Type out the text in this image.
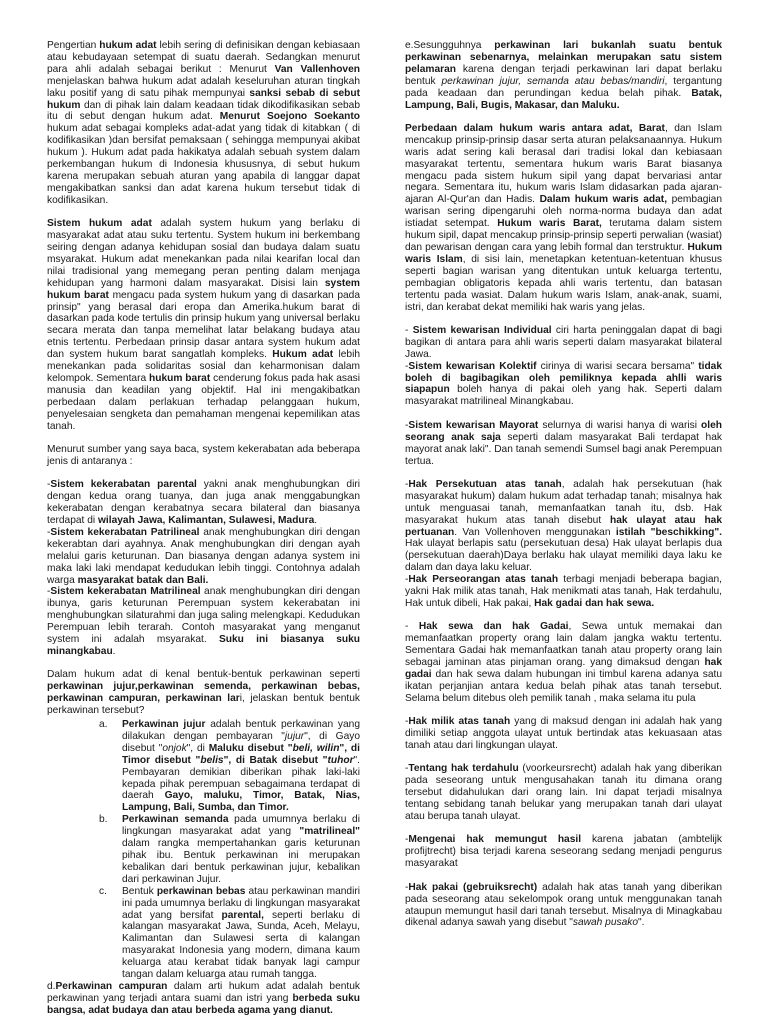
Pengertian hukum adat lebih sering di definisikan dengan kebiasaan atau kebudayaan setempat di suatu daerah. Sedangkan menurut para ahli adalah sebagai berikut : Menurut Van Vallenhoven menjelaskan bahwa hukum adat adalah keseluruhan aturan tingkah laku positif yang di satu pihak mempunyai sanksi sebab di sebut hukum dan di pihak lain dalam keadaan tidak dikodifikasikan sebab itu di sebut dengan hukum adat. Menurut Soejono Soekanto hukum adat sebagai kompleks adat-adat yang tidak di kitabkan ( di kodifikasikan )dan bersifat pemaksaan ( sehingga mempunyai akibat hukum ). Hukum adat pada hakikatya adalah sebuah system dalam perkembangan hukum di Indonesia khususnya, di sebut hukum karena merupakan sebuah aturan yang apabila di langgar dapat mengakibatkan sanksi dan adat karena hukum tersebut tidak di kodifikasikan.

Sistem hukum adat adalah system hukum yang berlaku di masyarakat adat atau suku tertentu. System hukum ini berkembang seiring dengan adanya kehidupan sosial dan budaya dalam suatu msyarakat. Hukum adat menekankan pada nilai kearifan local dan nilai tradisional yang memegang peran penting dalam menjaga kehidupan yang harmoni dalam masyarakat. Disisi lain system hukum barat mengacu pada system hukum yang di dasarkan pada prinsip" yang berasal dari eropa dan Amerika.hukum barat di dasarkan pada kode tertulis din prinsip hukum yang universal berlaku secara merata dan tanpa memelihat latar belakang budaya atau etnis tertentu. Perbedaan prinsip dasar antara system hukum adat dan system hukum barat sangatlah kompleks. Hukum adat lebih menekankan pada solidaritas sosial dan keharmonisan dalam kelompok. Sementara hukum barat cenderung fokus pada hak asasi manusia dan keadilan yang objektif. Hal ini mengakibatkan perbedaan dalam perlakuan terhadap pelanggaan hukum, penyelesaian sengketa dan pemahaman mengenai kepemilikan atas tanah.

Menurut sumber yang saya baca, system kekerabatan ada beberapa jenis di antaranya :

-Sistem kekerabatan parental yakni anak menghubungkan diri dengan kedua orang tuanya, dan juga anak menggabungkan kekerabatan dengan kerabatnya secara bilateral dan biasanya terdapat di wilayah Jawa, Kalimantan, Sulawesi, Madura.
-Sistem kekerabatan Patrilineal anak menghubungkan diri dengan kekerabtan dari ayahnya. Anak menghubungkan diri dengan ayah melalui garis keturunan. Dan biasanya dengan adanya system ini maka laki laki mendapat kedudukan lebih tinggi. Contohnya adalah warga masyarakat batak dan Bali.
-Sistem kekerabatan Matrilineal anak menghubungkan diri dengan ibunya, garis keturunan Perempuan system kekerabatan ini menghubungkan silaturahmi dan juga saling melengkapi. Kedudukan Perempuan lebih terarah. Contoh masyarakat yang menganut system ini adalah msyarakat. Suku ini biasanya suku minangkabau.

Dalam hukum adat di kenal bentuk-bentuk perkawinan seperti perkawinan jujur,perkawinan semenda, perkawinan bebas, perkawinan campuran, perkawinan lari, jelaskan bentuk bentuk perkawinan tersebut?

a.	Perkawinan jujur adalah bentuk perkawinan yang dilakukan dengan pembayaran "jujur", di Gayo disebut "onjok", di Maluku disebut "beli, wilin", di Timor disebut "belis", di Batak disebut "tuhor". Pembayaran demikian diberikan pihak laki-laki kepada pihak perempuan sebagaimana terdapat di daerah Gayo, maluku, Timor, Batak, Nias, Lampung, Bali, Sumba, dan Timor.
b.	Perkawinan semanda pada umumnya berlaku di lingkungan masyarakat adat yang "matrilineal" dalam rangka mempertahankan garis keturunan pihak ibu. Bentuk perkawinan ini merupakan kebalikan dari bentuk perkawinan jujur, kebalikan dari perkawinan Jujur.
c.	Bentuk perkawinan bebas atau perkawinan mandiri ini pada umumnya berlaku di lingkungan masyarakat adat yang bersifat parental, seperti berlaku di kalangan masyarakat Jawa, Sunda, Aceh, Melayu, Kalimantan dan Sulawesi serta di kalangan masyarakat Indonesia yang modern, dimana kaum keluarga atau kerabat tidak banyak lagi campur tangan dalam keluarga atau rumah tangga.

d.Perkawinan campuran dalam arti hukum adat adalah bentuk perkawinan yang terjadi antara suami dan istri yang berbeda suku bangsa, adat budaya dan atau berbeda agama yang dianut.

e.Sesungguhnya perkawinan lari bukanlah suatu bentuk perkawinan sebenarnya, melainkan merupakan satu sistem pelamaran karena dengan terjadi perkawinan lari dapat berlaku bentuk perkawinan jujur, semanda atau bebas/mandiri, tergantung pada keadaan dan perundingan kedua belah pihak. Batak, Lampung, Bali, Bugis, Makasar, dan Maluku.

Perbedaan dalam hukum waris antara adat, Barat, dan Islam mencakup prinsip-prinsip dasar serta aturan pelaksanaannya. Hukum waris adat sering kali berasal dari tradisi lokal dan kebiasaan masyarakat tertentu, sementara hukum waris Barat biasanya mengacu pada sistem hukum sipil yang dapat bervariasi antar negara. Sementara itu, hukum waris Islam didasarkan pada ajaran-ajaran Al-Qur'an dan Hadis. Dalam hukum waris adat, pembagian warisan sering dipengaruhi oleh norma-norma budaya dan adat istiadat setempat. Hukum waris Barat, terutama dalam sistem hukum sipil, dapat mencakup prinsip-prinsip seperti perwalian (wasiat) dan pewarisan dengan cara yang lebih formal dan terstruktur. Hukum waris Islam, di sisi lain, menetapkan ketentuan-ketentuan khusus seperti bagian warisan yang ditentukan untuk keluarga tertentu, pembagian obligatoris kepada ahli waris tertentu, dan batasan tertentu pada wasiat. Dalam hukum waris Islam, anak-anak, suami, istri, dan kerabat dekat memiliki hak waris yang jelas.

- Sistem kewarisan Individual ciri harta peninggalan dapat di bagi bagikan di antara para ahli waris seperti dalam masyarakat bilateral Jawa.
-Sistem kewarisan Kolektif cirinya di warisi secara bersama" tidak boleh di bagibagikan oleh pemiliknya kepada ahlli waris siapapun boleh hanya di pakai oleh yang hak. Seperti dalam masyarakat matrilineal Minangkabau.

-Sistem kewarisan Mayorat selurnya di warisi hanya di warisi oleh seorang anak saja seperti dalam masyarakat Bali terdapat hak mayorat anak laki". Dan tanah semendi Sumsel bagi anak Perempuan tertua.

-Hak Persekutuan atas tanah, adalah hak persekutuan (hak masyarakat hukum) dalam hukum adat terhadap tanah; misalnya hak untuk menguasai tanah, memanfaatkan tanah itu, dsb. Hak masyarakat hukum atas tanah disebut hak ulayat atau hak pertuanan. Van Vollenhoven menggunakan istilah "beschikking". Hak ulayat berlapis satu (persekutuan desa) Hak ulayat berlapis dua (persekutuan daerah)Daya berlaku hak ulayat memiliki daya laku ke dalam dan daya laku keluar.
-Hak Perseorangan atas tanah terbagi menjadi beberapa bagian, yakni Hak milik atas tanah, Hak menikmati atas tanah, Hak terdahulu, Hak untuk dibeli, Hak pakai, Hak gadai dan hak sewa.

- Hak sewa dan hak Gadai, Sewa untuk memakai dan memanfaatkan property orang lain dalam jangka waktu tertentu. Sementara Gadai hak memanfaatkan tanah atau property orang lain sebagai jaminan atas pinjaman orang. yang dimaksud dengan hak gadai dan hak sewa dalam hubungan ini timbul karena adanya satu ikatan perjanjian antara kedua belah pihak atas tanah tersebut. Selama belum ditebus oleh pemilik tanah , maka selama itu pula

-Hak milik atas tanah yang di maksud dengan ini adalah hak yang dimiliki setiap anggota ulayat untuk bertindak atas kekuasaan atas tanah atau dari lingkungan ulayat.

-Tentang hak terdahulu (voorkeursrecht) adalah hak yang diberikan pada seseorang untuk mengusahakan tanah itu dimana orang tersebut didahulukan dari orang lain. Ini dapat terjadi misalnya tentang sebidang tanah belukar yang merupakan tanah dari ulayat atau berupa tanah ulayat.

-Mengenai hak memungut hasil karena jabatan (ambtelijk profijtrecht) bisa terjadi karena seseorang sedang menjadi pengurus masyarakat

-Hak pakai (gebruiksrecht) adalah hak atas tanah yang diberikan pada seseorang atau sekelompok orang untuk menggunakan tanah ataupun memungut hasil dari tanah tersebut. Misalnya di Minagkabau dikenal adanya sawah yang disebut "sawah pusako".
